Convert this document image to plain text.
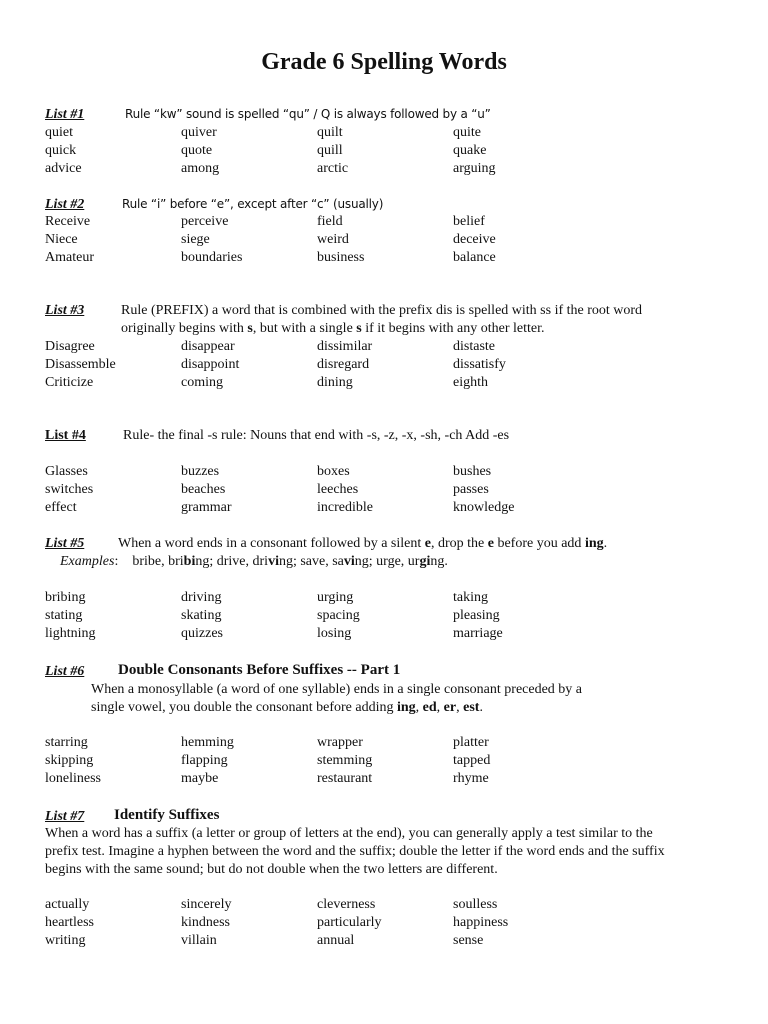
Grade 6 Spelling Words
List #1	Rule “kw” sound is spelled “qu” / Q is always followed by a “u”
quiet	quiver	quilt	quite
quick	quote	quill	quake
advice	among	arctic	arguing
List #2	Rule “i” before “e”, except after “c” (usually)
Receive	perceive	field	belief
Niece	siege	weird	deceive
Amateur	boundaries	business	balance
List #3	Rule (PREFIX) a word that is combined with the prefix dis is spelled with ss if the root word
originally begins with s, but with a single s if it begins with any other letter.
Disagree	disappear	dissimilar	distaste
Disassemble	disappoint	disregard	dissatisfy
Criticize	coming	dining	eighth
List #4	Rule- the final -s rule: Nouns that end with -s, -z, -x, -sh, -ch Add -es
Glasses	buzzes	boxes	bushes
switches	beaches	leeches	passes
effect	grammar	incredible	knowledge
List #5 When a word ends in a consonant followed by a silent e, drop the e before you add ing.
Examples: bribe, bribing; drive, driving; save, saving; urge, urging.
bribing	driving	urging	taking
stating	skating	spacing	pleasing
lightning	quizzes	losing	marriage
List #6 Double Consonants Before Suffixes -- Part 1
When a monosyllable (a word of one syllable) ends in a single consonant preceded by a
single vowel, you double the consonant before adding ing, ed, er, est.
starring	hemming	wrapper	platter
skipping	flapping	stemming	tapped
loneliness	maybe	restaurant	rhyme
List #7 Identify Suffixes
When a word has a suffix (a letter or group of letters at the end), you can generally apply a test similar to the
prefix test. Imagine a hyphen between the word and the suffix; double the letter if the word ends and the suffix
begins with the same sound; but do not double when the two letters are different.
actually	sincerely	cleverness	soulless
heartless	kindness	particularly	happiness
writing	villain	annual	sense
